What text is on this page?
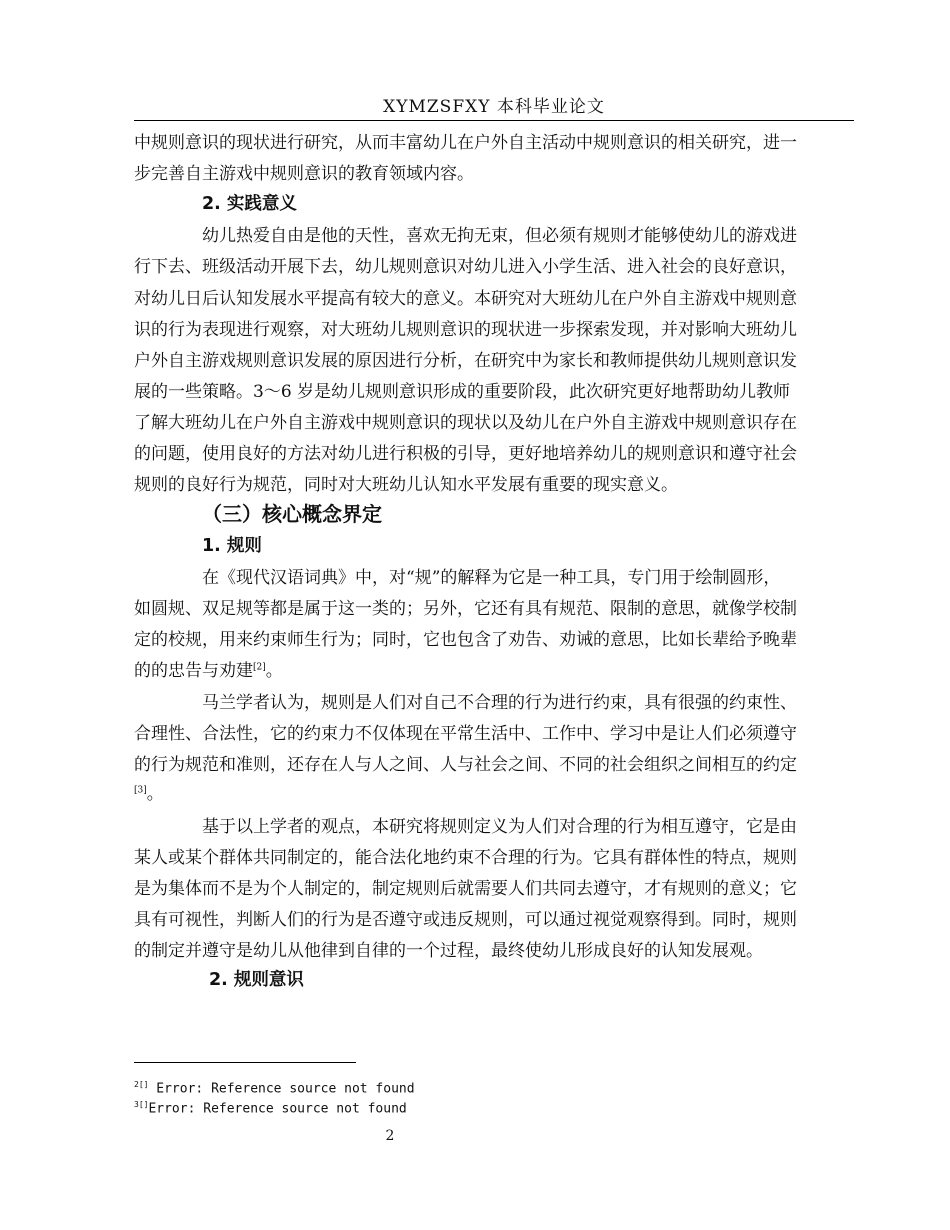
XYMZSFXY 本科毕业论文
中规则意识的现状进行研究，从而丰富幼儿在户外自主活动中规则意识的相关研究，进一
步完善自主游戏中规则意识的教育领域内容。
2. 实践意义
幼儿热爱自由是他的天性，喜欢无拘无束，但必须有规则才能够使幼儿的游戏进
行下去、班级活动开展下去，幼儿规则意识对幼儿进入小学生活、进入社会的良好意识，
对幼儿日后认知发展水平提高有较大的意义。本研究对大班幼儿在户外自主游戏中规则意
识的行为表现进行观察，对大班幼儿规则意识的现状进一步探索发现，并对影响大班幼儿
户外自主游戏规则意识发展的原因进行分析，在研究中为家长和教师提供幼儿规则意识发
展的一些策略。3～6 岁是幼儿规则意识形成的重要阶段，此次研究更好地帮助幼儿教师
了解大班幼儿在户外自主游戏中规则意识的现状以及幼儿在户外自主游戏中规则意识存在
的问题，使用良好的方法对幼儿进行积极的引导，更好地培养幼儿的规则意识和遵守社会
规则的良好行为规范，同时对大班幼儿认知水平发展有重要的现实意义。
（三）核心概念界定
1. 规则
在《现代汉语词典》中，对“规”的解释为它是一种工具，专门用于绘制圆形，
如圆规、双足规等都是属于这一类的；另外，它还有具有规范、限制的意思，就像学校制
定的校规，用来约束师生行为；同时，它也包含了劝告、劝诫的意思，比如长辈给予晚辈
的的忠告与劝建[2]。
马兰学者认为，规则是人们对自己不合理的行为进行约束，具有很强的约束性、
合理性、合法性，它的约束力不仅体现在平常生活中、工作中、学习中是让人们必须遵守
的行为规范和准则，还存在人与人之间、人与社会之间、不同的社会组织之间相互的约定
[3]。
基于以上学者的观点，本研究将规则定义为人们对合理的行为相互遵守，它是由
某人或某个群体共同制定的，能合法化地约束不合理的行为。它具有群体性的特点，规则
是为集体而不是为个人制定的，制定规则后就需要人们共同去遵守，才有规则的意义；它
具有可视性，判断人们的行为是否遵守或违反规则，可以通过视觉观察得到。同时，规则
的制定并遵守是幼儿从他律到自律的一个过程，最终使幼儿形成良好的认知发展观。
2. 规则意识
$^{2[]}$ Error: Reference source not found
$^{3[]}$Error: Reference source not found
2
